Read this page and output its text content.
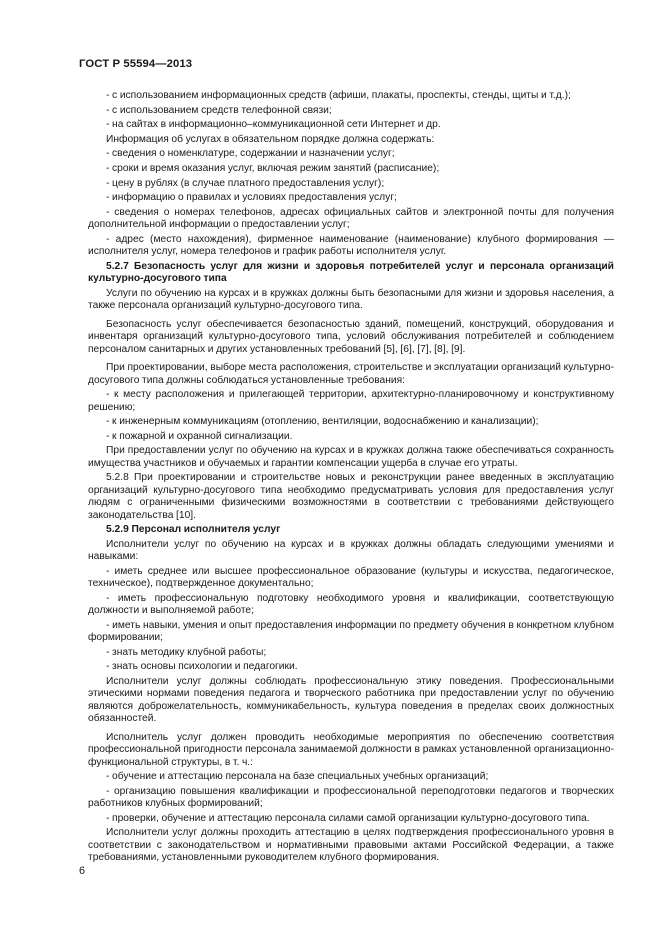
ГОСТ Р 55594—2013

- с использованием информационных средств (афиши, плакаты, проспекты, стенды, щиты и т.д.);

- с использованием средств телефонной связи;

- на сайтах в информационно–коммуникационной сети Интернет и др.

Информация об услугах в обязательном порядке должна содержать:

- сведения о номенклатуре, содержании и назначении услуг;

- сроки и время оказания услуг, включая режим занятий (расписание);

- цену в рублях (в случае платного предоставления услуг);

- информацию о правилах и условиях предоставления услуг;

- сведения о номерах телефонов, адресах официальных сайтов и электронной почты для получения дополнительной информации о предоставлении услуг;

- адрес (место нахождения), фирменное наименование (наименование) клубного формирования — исполнителя услуг, номера телефонов и график работы исполнителя услуг.

5.2.7 Безопасность услуг для жизни и здоровья потребителей услуг и персонала организаций культурно-досугового типа

Услуги по обучению на курсах и в кружках должны быть безопасными для жизни и здоровья населения, а также персонала организаций культурно-досугового типа.

Безопасность услуг обеспечивается безопасностью зданий, помещений, конструкций, оборудования и инвентаря организаций культурно-досугового типа, условий обслуживания потребителей и соблюдением персоналом санитарных и других установленных требований [5], [6], [7], [8], [9].

При проектировании, выборе места расположения, строительстве и эксплуатации организаций культурно-досугового типа должны соблюдаться установленные требования:

- к месту расположения и прилегающей территории, архитектурно-планировочному и конструктивному решению;

- к инженерным коммуникациям (отоплению, вентиляции, водоснабжению и канализации);

- к пожарной и охранной сигнализации.

При предоставлении услуг по обучению на курсах и в кружках должна также обеспечиваться сохранность имущества участников и обучаемых и гарантии компенсации ущерба в случае его утраты.

5.2.8 При проектировании и строительстве новых и реконструкции ранее введенных в эксплуатацию организаций культурно-досугового типа необходимо предусматривать условия для предоставления услуг людям с ограниченными физическими возможностями в соответствии с требованиями действующего законодательства [10].

5.2.9 Персонал исполнителя услуг

Исполнители услуг по обучению на курсах и в кружках должны обладать следующими умениями и навыками:

- иметь среднее или высшее профессиональное образование (культуры и искусства, педагогическое, техническое), подтвержденное документально;

- иметь профессиональную подготовку необходимого уровня и квалификации, соответствующую должности и выполняемой работе;

- иметь навыки, умения и опыт предоставления информации по предмету обучения в конкретном клубном формировании;

- знать методику клубной работы;

- знать основы психологии и педагогики.

Исполнители услуг должны соблюдать профессиональную этику поведения. Профессиональными этическими нормами поведения педагога и творческого работника при предоставлении услуг по обучению являются доброжелательность, коммуникабельность, культура поведения в пределах своих должностных обязанностей.

Исполнитель услуг должен проводить необходимые мероприятия по обеспечению соответствия профессиональной пригодности персонала занимаемой должности в рамках установленной организационно-функциональной структуры, в т. ч.:

- обучение и аттестацию персонала на базе специальных учебных организаций;

- организацию повышения квалификации и профессиональной переподготовки педагогов и творческих работников клубных формирований;

- проверки, обучение и аттестацию персонала силами самой организации культурно-досугового типа.

Исполнители услуг должны проходить аттестацию в целях подтверждения профессионального уровня в соответствии с законодательством и нормативными правовыми актами Российской Федерации, а также требованиями, установленными руководителем клубного формирования.

6
